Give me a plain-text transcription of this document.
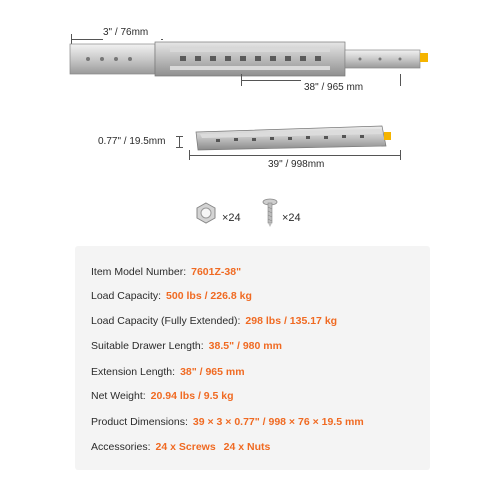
3" / 76mm
38" / 965 mm
0.77" / 19.5mm
39" / 998mm
×24	×24
Item Model Number: 7601Z-38"
Load Capacity: 500 lbs / 226.8 kg
Load Capacity (Fully Extended): 298 lbs / 135.17 kg
Suitable Drawer Length: 38.5" / 980 mm
Extension Length: 38" / 965 mm
Net Weight: 20.94 lbs / 9.5 kg
Product Dimensions: 39 × 3 × 0.77" / 998 × 76 × 19.5 mm
Accessories: 24 x Screws 24 x Nuts
